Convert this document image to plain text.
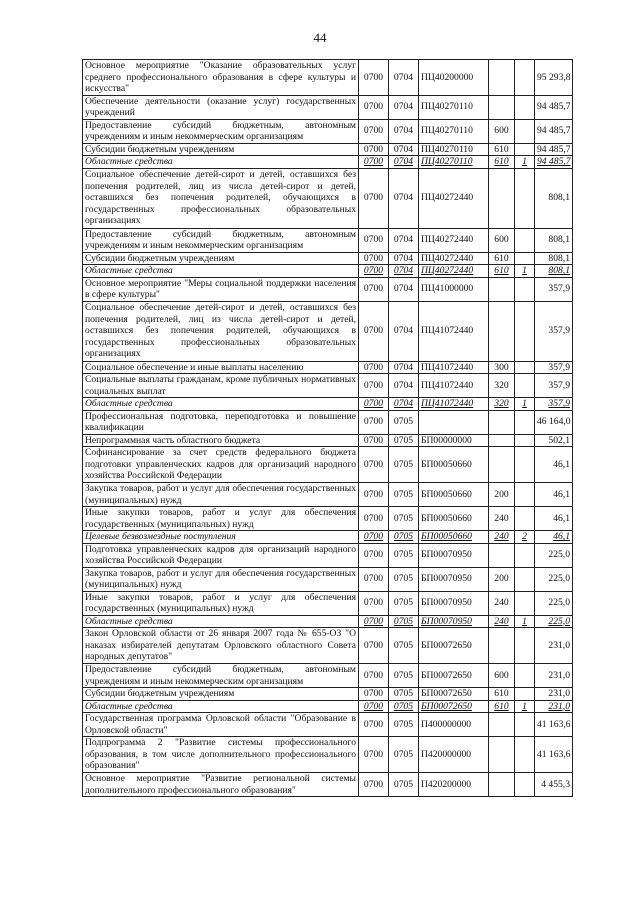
44
Основное мероприятие "Оказание образовательных услуг среднего профессионального образования в сфере культуры и искусства"	0700	0704	ПЦ40200000			95 293,8
Обеспечение деятельности (оказание услуг) государственных учреждений	0700	0704	ПЦ40270110			94 485,7
Предоставление субсидий бюджетным, автономным учреждениям и иным некоммерческим организациям	0700	0704	ПЦ40270110	600		94 485,7
Субсидии бюджетным учреждениям	0700	0704	ПЦ40270110	610		94 485,7
Областные средства	0700	0704	ПЦ40270110	610	1	94 485,7
Социальное обеспечение детей-сирот и детей, оставшихся без попечения родителей, лиц из числа детей-сирот и детей, оставшихся без попечения родителей, обучающихся в государственных профессиональных образовательных организациях	0700	0704	ПЦ40272440			808,1
Предоставление субсидий бюджетным, автономным учреждениям и иным некоммерческим организациям	0700	0704	ПЦ40272440	600		808,1
Субсидии бюджетным учреждениям	0700	0704	ПЦ40272440	610		808,1
Областные средства	0700	0704	ПЦ40272440	610	1	808,1
Основное мероприятие "Меры социальной поддержки населения в сфере культуры"	0700	0704	ПЦ41000000			357,9
Социальное обеспечение детей-сирот и детей, оставшихся без попечения родителей, лиц из числа детей-сирот и детей, оставшихся без попечения родителей, обучающихся в государственных профессиональных образовательных организациях	0700	0704	ПЦ41072440			357,9
Социальное обеспечение и иные выплаты населению	0700	0704	ПЦ41072440	300		357,9
Социальные выплаты гражданам, кроме публичных нормативных социальных выплат	0700	0704	ПЦ41072440	320		357,9
Областные средства	0700	0704	ПЦ41072440	320	1	357,9
Профессиональная подготовка, переподготовка и повышение квалификации	0700	0705				46 164,0
Непрограммная часть областного бюджета	0700	0705	БП00000000			502,1
Софинансирование за счет средств федерального бюджета подготовки управленческих кадров для организаций народного хозяйства Российской Федерации	0700	0705	БП00050660			46,1
Закупка товаров, работ и услуг для обеспечения государственных (муниципальных) нужд	0700	0705	БП00050660	200		46,1
Иные закупки товаров, работ и услуг для обеспечения государственных (муниципальных) нужд	0700	0705	БП00050660	240		46,1
Целевые безвозмездные поступления	0700	0705	БП00050660	240	2	46,1
Подготовка управленческих кадров для организаций народного хозяйства Российской Федерации	0700	0705	БП00070950			225,0
Закупка товаров, работ и услуг для обеспечения государственных (муниципальных) нужд	0700	0705	БП00070950	200		225,0
Иные закупки товаров, работ и услуг для обеспечения государственных (муниципальных) нужд	0700	0705	БП00070950	240		225,0
Областные средства	0700	0705	БП00070950	240	1	225,0
Закон Орловской области от 26 января 2007 года № 655-ОЗ "О наказах избирателей депутатам Орловского областного Совета народных депутатов"	0700	0705	БП00072650			231,0
Предоставление субсидий бюджетным, автономным учреждениям и иным некоммерческим организациям	0700	0705	БП00072650	600		231,0
Субсидии бюджетным учреждениям	0700	0705	БП00072650	610		231,0
Областные средства	0700	0705	БП00072650	610	1	231,0
Государственная программа Орловской области "Образование в Орловской области"	0700	0705	П400000000			41 163,6
Подпрограмма 2 "Развитие системы профессионального образования, в том числе дополнительного профессионального образования"	0700	0705	П420000000			41 163,6
Основное мероприятие "Развитие региональной системы дополнительного профессионального образования"	0700	0705	П420200000			4 455,3
